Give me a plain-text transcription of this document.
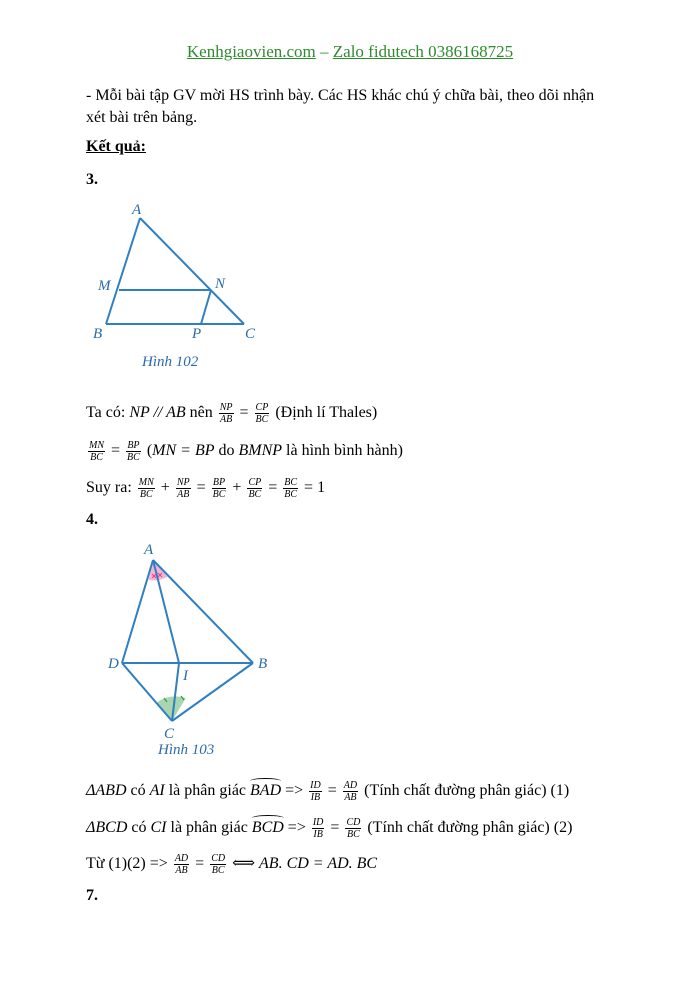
Kenhgiaovien.com – Zalo fidutech 0386168725
- Mỗi bài tập GV mời HS trình bày. Các HS khác chú ý chữa bài, theo dõi nhận
xét bài trên bảng.
Kết quả:
3.
A
M	N
B	P	C
Hình 102
Ta có: NP // AB nên $\frac{NP}{AB} = \frac{CP}{BC}$ (Định lí Thales)
$\frac{MN}{BC} = \frac{BP}{BC} (MN$ = BP do BMNP là hình bình hành)
Suy ra: $\frac{MN}{BC} + \frac{NP}{AB} = \frac{BP}{BC} + \frac{CP}{BC} = \frac{BC}{BC} = 1$
4.
A
D
I
B
C
Hình 103
ΔABD có AI là phân giác BAD => $\frac{ID}{IB} = \frac{AD}{AB}$ (Tính chất đường phân giác) (1)
ΔBCD có CI là phân giác BCD => $\frac{ID}{IB} = \frac{CD}{BC}$ (Tính chất đường phân giác) (2)
Từ $(1)(2) => \frac{AD}{AB} = \frac{CD}{BC}$ ⟺ AB. CD = AD. BC
7.
